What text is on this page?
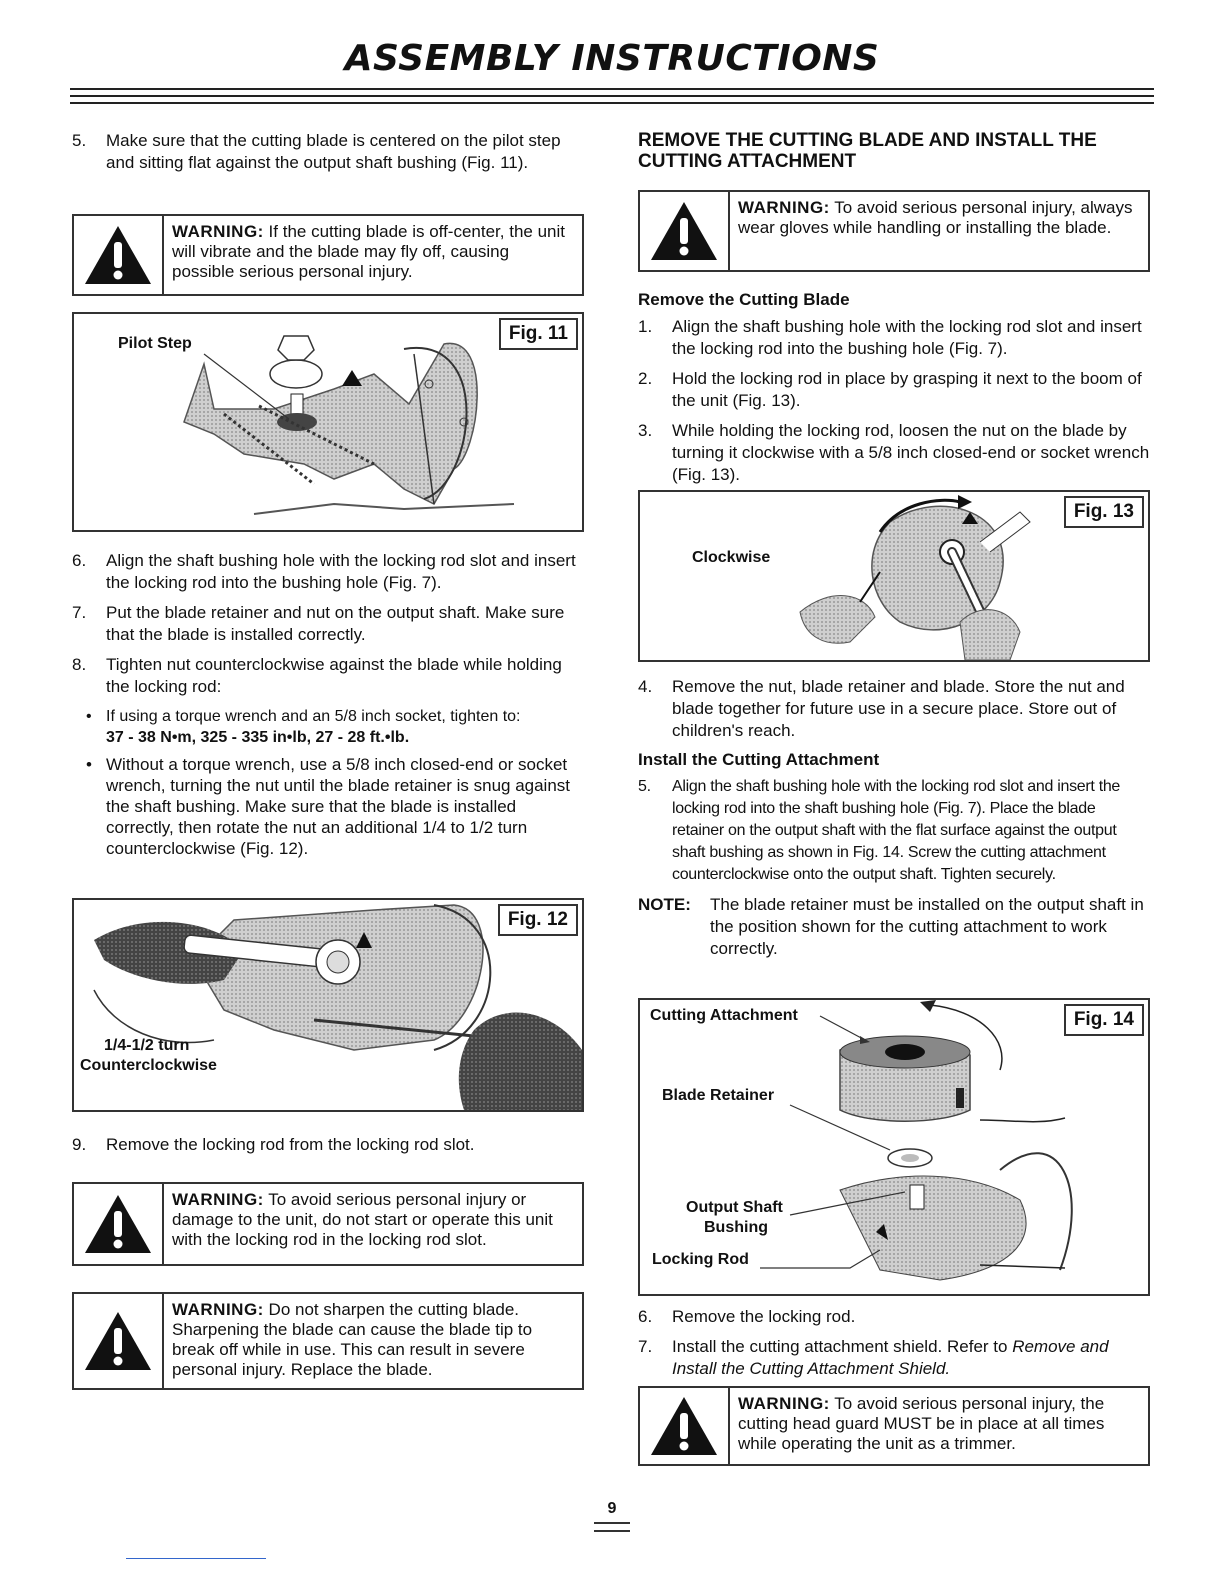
ASSEMBLY INSTRUCTIONS
5. Make sure that the cutting blade is centered on the pilot step and sitting flat against the output shaft bushing (Fig. 11).
WARNING: If the cutting blade is off-center, the unit will vibrate and the blade may fly off, causing possible serious personal injury.
Fig. 11
Pilot Step
6. Align the shaft bushing hole with the locking rod slot and insert the locking rod into the bushing hole (Fig. 7).
7. Put the blade retainer and nut on the output shaft. Make sure that the blade is installed correctly.
8. Tighten nut counterclockwise against the blade while holding the locking rod:
• If using a torque wrench and an 5/8 inch socket, tighten to:
37 - 38 N•m, 325 - 335 in•lb, 27 - 28 ft.•lb.
• Without a torque wrench, use a 5/8 inch closed-end or socket wrench, turning the nut until the blade retainer is snug against the shaft bushing. Make sure that the blade is installed correctly, then rotate the nut an additional 1/4 to 1/2 turn counterclockwise (Fig. 12).
Fig. 12
1/4-1/2 turn
Counterclockwise
9. Remove the locking rod from the locking rod slot.
WARNING: To avoid serious personal injury or damage to the unit, do not start or operate this unit with the locking rod in the locking rod slot.
WARNING: Do not sharpen the cutting blade. Sharpening the blade can cause the blade tip to break off while in use. This can result in severe personal injury. Replace the blade.
REMOVE THE CUTTING BLADE AND INSTALL THE CUTTING ATTACHMENT
WARNING: To avoid serious personal injury, always wear gloves while handling or installing the blade.
Remove the Cutting Blade
1. Align the shaft bushing hole with the locking rod slot and insert the locking rod into the bushing hole (Fig. 7).
2. Hold the locking rod in place by grasping it next to the boom of the unit (Fig. 13).
3. While holding the locking rod, loosen the nut on the blade by turning it clockwise with a 5/8 inch closed-end or socket wrench (Fig. 13).
Fig. 13
Clockwise
4. Remove the nut, blade retainer and blade. Store the nut and blade together for future use in a secure place. Store out of children's reach.
Install the Cutting Attachment
5. Align the shaft bushing hole with the locking rod slot and insert the locking rod into the shaft bushing hole (Fig. 7). Place the blade retainer on the output shaft with the flat surface against the output shaft bushing as shown in Fig. 14. Screw the cutting attachment counterclockwise onto the output shaft. Tighten securely.
NOTE: The blade retainer must be installed on the output shaft in the position shown for the cutting attachment to work correctly.
Fig. 14
Cutting Attachment
Blade Retainer
Output Shaft
Bushing
Locking Rod
6. Remove the locking rod.
7. Install the cutting attachment shield. Refer to Remove and Install the Cutting Attachment Shield.
WARNING: To avoid serious personal injury, the cutting head guard MUST be in place at all times while operating the unit as a trimmer.
9
